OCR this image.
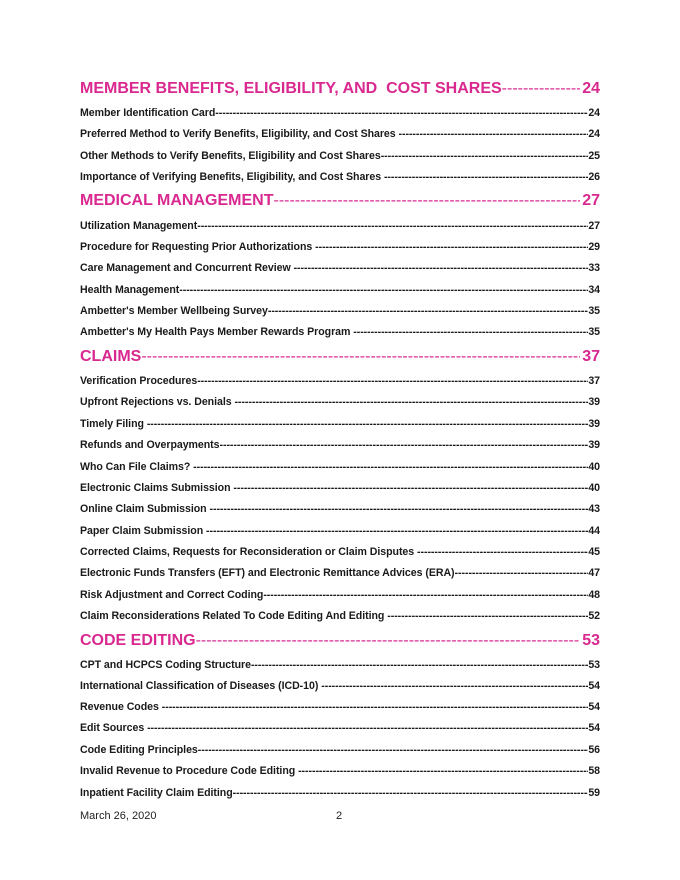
MEMBER BENEFITS, ELIGIBILITY, AND  COST SHARES -----	24
Member Identification Card -----	24
Preferred Method to Verify Benefits, Eligibility, and Cost Shares -----	24
Other Methods to Verify Benefits, Eligibility and Cost Shares -----	25
Importance of Verifying Benefits, Eligibility, and Cost Shares -----	26
MEDICAL MANAGEMENT -----	27
Utilization Management -----	27
Procedure for Requesting Prior Authorizations -----	29
Care Management and Concurrent Review -----	33
Health Management -----	34
Ambetter's Member Wellbeing Survey -----	35
Ambetter's My Health Pays Member Rewards Program -----	35
CLAIMS -----	37
Verification Procedures -----	37
Upfront Rejections vs. Denials -----	39
Timely Filing -----	39
Refunds and Overpayments -----	39
Who Can File Claims? -----	40
Electronic Claims Submission -----	40
Online Claim Submission -----	43
Paper Claim Submission -----	44
Corrected Claims, Requests for Reconsideration or Claim Disputes -----	45
Electronic Funds Transfers (EFT) and Electronic Remittance Advices (ERA) -----	47
Risk Adjustment and Correct Coding -----	48
Claim Reconsiderations Related To Code Editing And Editing -----	52
CODE EDITING -----	53
CPT and HCPCS Coding Structure -----	53
International Classification of Diseases (ICD-10) -----	54
Revenue Codes -----	54
Edit Sources -----	54
Code Editing Principles -----	56
Invalid Revenue to Procedure Code Editing -----	58
Inpatient Facility Claim Editing -----	59
March 26, 2020	2
